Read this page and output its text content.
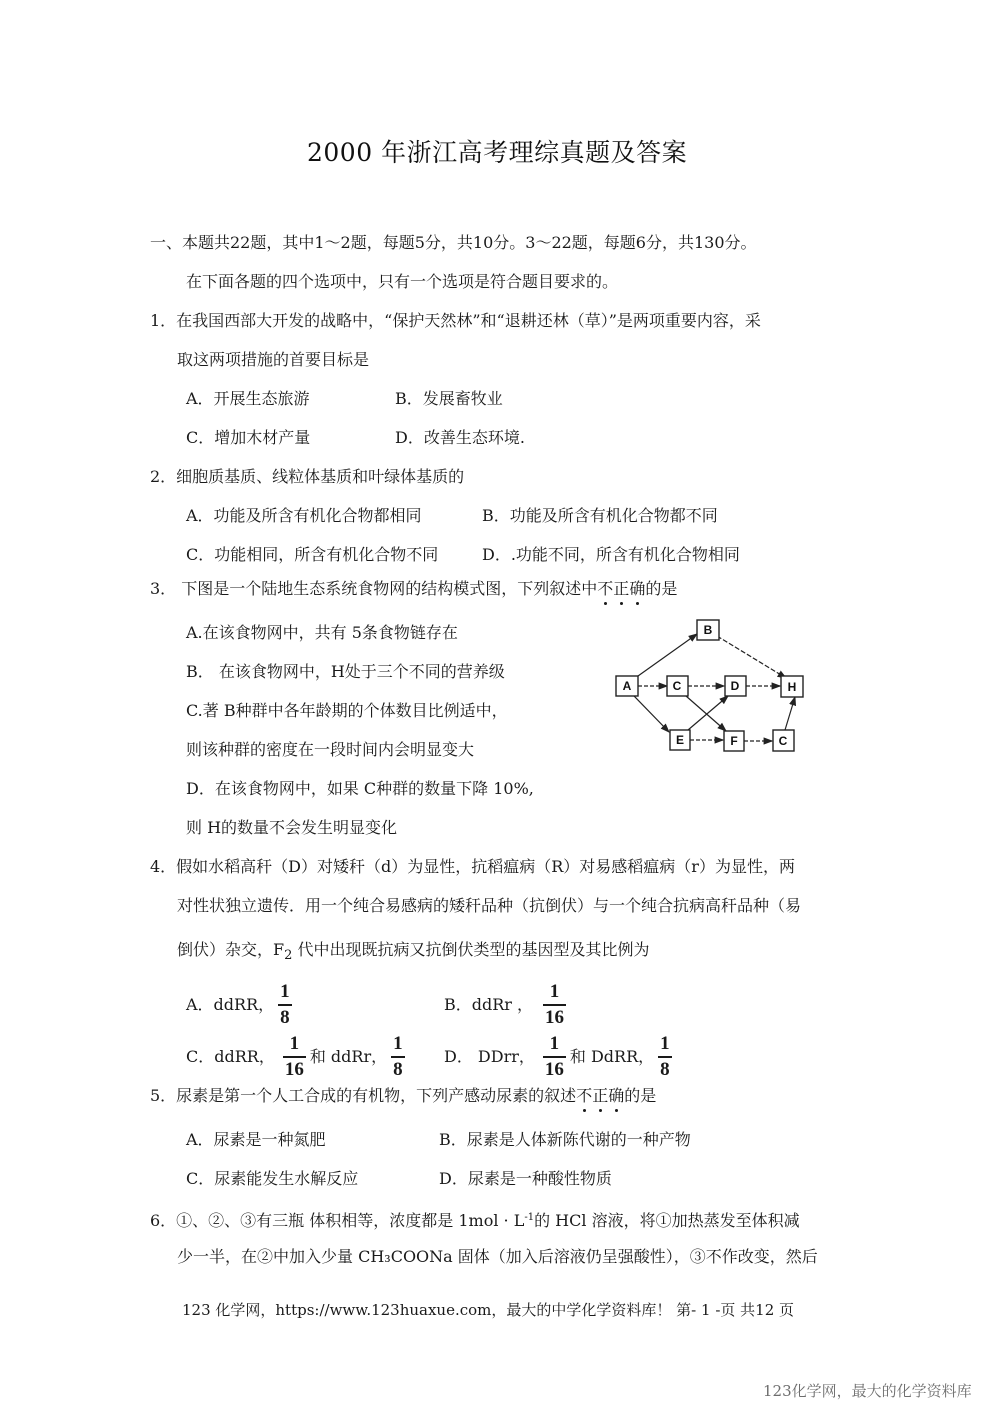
2000 年浙江高考理综真题及答案
一、本题共22题，其中1～2题，每题5分，共10分。3～22题，每题6分，共130分。
在下面各题的四个选项中，只有一个选项是符合题目要求的。
1．在我国西部大开发的战略中，“保护天然林”和“退耕还林（草）”是两项重要内容，采
取这两项措施的首要目标是
A．开展生态旅游	B．发展畜牧业
C．增加木材产量	D．改善生态环境.
2．细胞质基质、线粒体基质和叶绿体基质的
A．功能及所含有机化合物都相同	B．功能及所含有机化合物都不同
C．功能相同，所含有机化合物不同	D．.功能不同，所含有机化合物相同
3． 下图是一个陆地生态系统食物网的结构模式图，下列叙述中不正确的是
A.在该食物网中，共有 5条食物链存在
B． 在该食物网中，H处于三个不同的营养级
C.著 B种群中各年龄期的个体数目比例适中，
则该种群的密度在一段时间内会明显变大
D．在该食物网中，如果 C种群的数量下降 10%,
则 H的数量不会发生明显变化
A
B
C	D	H
E	F	C
4．假如水稻高秆（D）对矮秆（d）为显性，抗稻瘟病（R）对易感稻瘟病（r）为显性，两
对性状独立遗传．用一个纯合易感病的矮秆品种（抗倒伏）与一个纯合抗病高秆品种（易
倒伏）杂交，$F_2$ 代中出现既抗病又抗倒伏类型的基因型及其比例为
A．ddRR， $\frac{1}{8}$	B．ddRr ， $\frac{1}{16}$
C．ddRR， $\frac{1}{16}$ 和 ddRr， $\frac{1}{8}$ D． DDrr， $\frac{1}{16}$ 和 DdRR， $\frac{1}{8}$
5．尿素是第一个人工合成的有机物，下列产感动尿素的叙述不正确的是
A．尿素是一种氮肥	B．尿素是人体新陈代谢的一种产物
C．尿素能发生水解反应	D．尿素是一种酸性物质
6．①、②、③有三瓶 体积相等，浓度都是 $1mol \cdot L^{-1}$的 HCl 溶液，将①加热蒸发至体积减
少一半，在②中加入少量 CH₃COONa 固体（加入后溶液仍呈强酸性），③不作改变，然后
123 化学网，https://www.123huaxue.com，最大的中学化学资料库！ 第- 1 -页 共12 页
123化学网，最大的化学资料库
